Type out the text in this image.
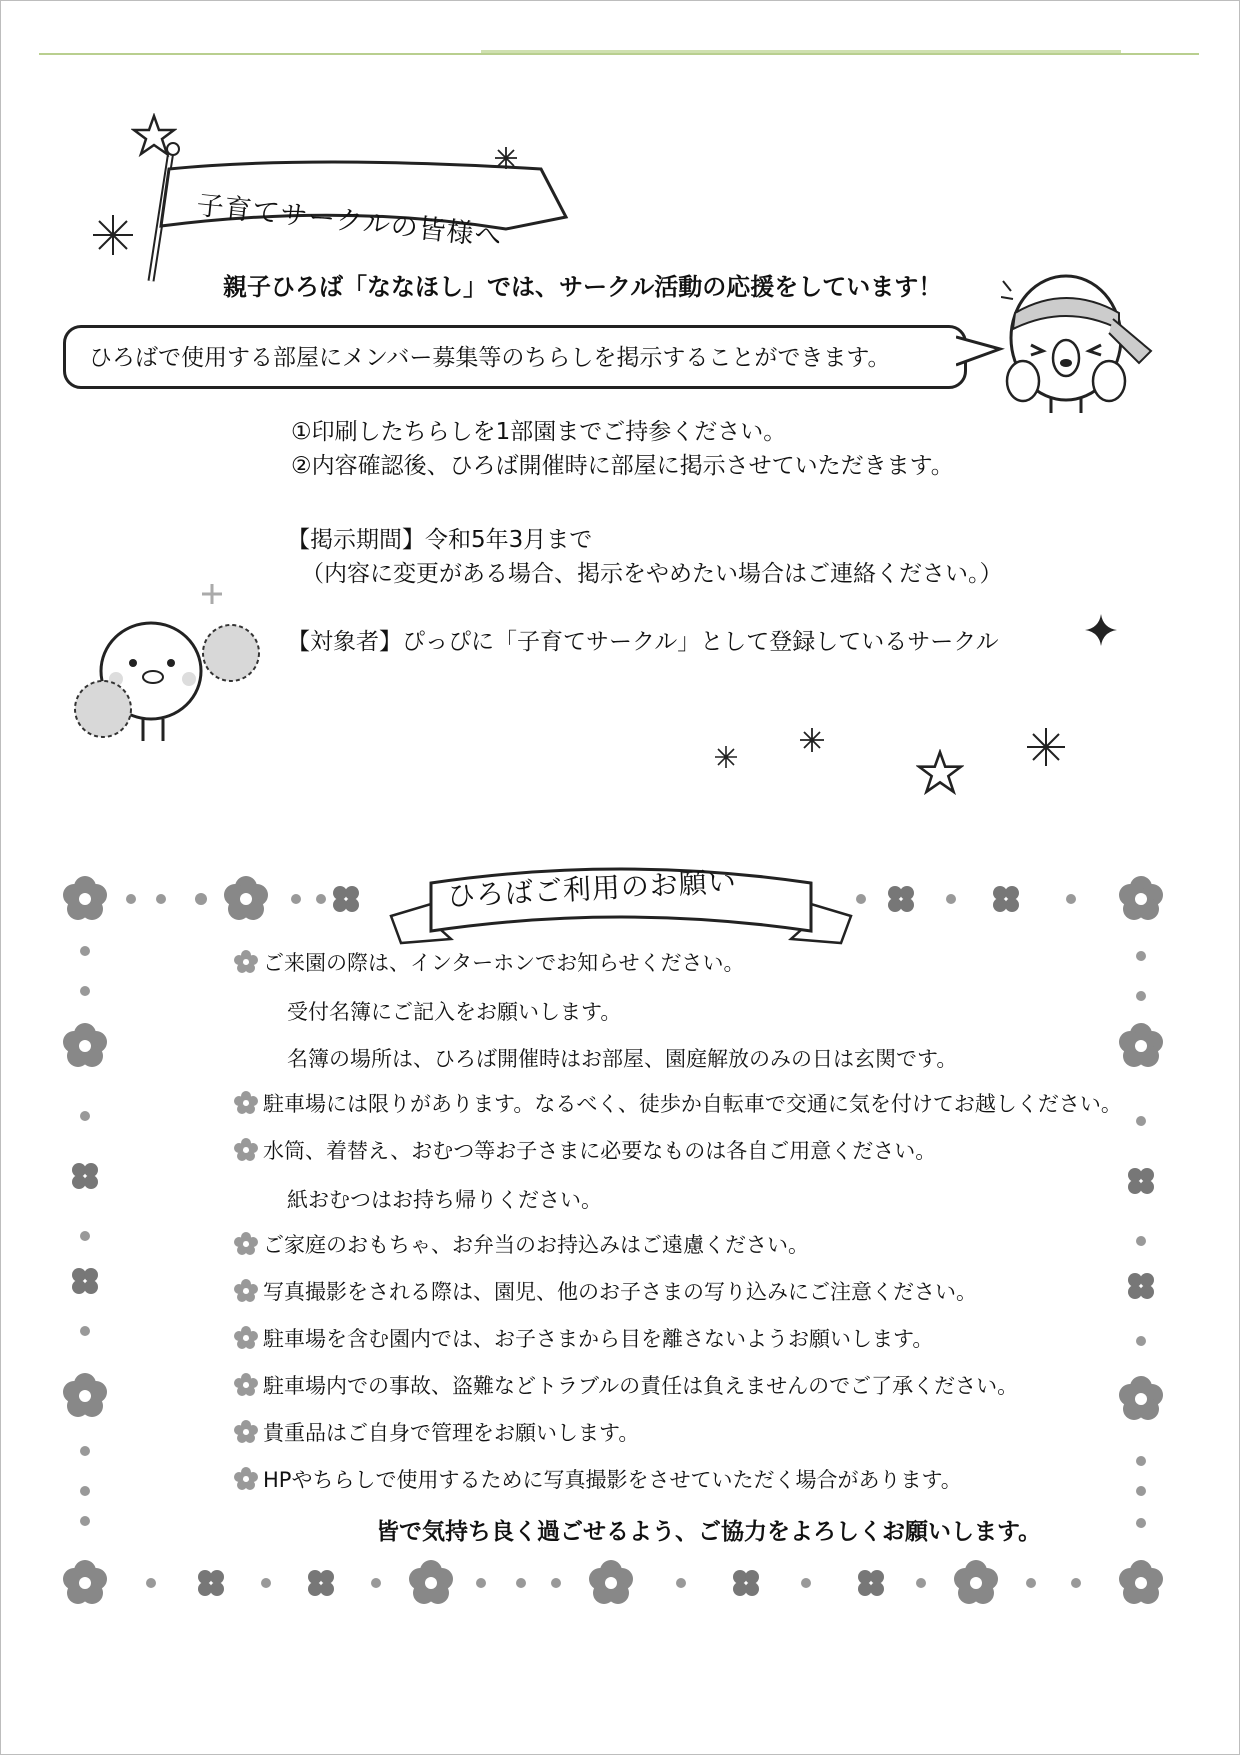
子育てサークルの皆様へ
親子ひろば「ななほし」では、サークル活動の応援をしています！
ひろばで使用する部屋にメンバー募集等のちらしを掲示することができます。
①印刷したちらしを1部園までご持参ください。
②内容確認後、ひろば開催時に部屋に掲示させていただきます。
【掲示期間】令和5年3月まで
（内容に変更がある場合、掲示をやめたい場合はご連絡ください。）
【対象者】ぴっぴに「子育てサークル」として登録しているサークル
ひろばご利用のお願い
皆で気持ち良く過ごせるよう、ご協力をよろしくお願いします。
ご来園の際は、インターホンでお知らせください。
受付名簿にご記入をお願いします。
名簿の場所は、ひろば開催時はお部屋、園庭解放のみの日は玄関です。
駐車場には限りがあります。なるべく、徒歩か自転車で交通に気を付けてお越しください。
水筒、着替え、おむつ等お子さまに必要なものは各自ご用意ください。
紙おむつはお持ち帰りください。
ご家庭のおもちゃ、お弁当のお持込みはご遠慮ください。
写真撮影をされる際は、園児、他のお子さまの写り込みにご注意ください。
駐車場を含む園内では、お子さまから目を離さないようお願いします。
駐車場内での事故、盗難などトラブルの責任は負えませんのでご了承ください。
貴重品はご自身で管理をお願いします。
HPやちらしで使用するために写真撮影をさせていただく場合があります。
